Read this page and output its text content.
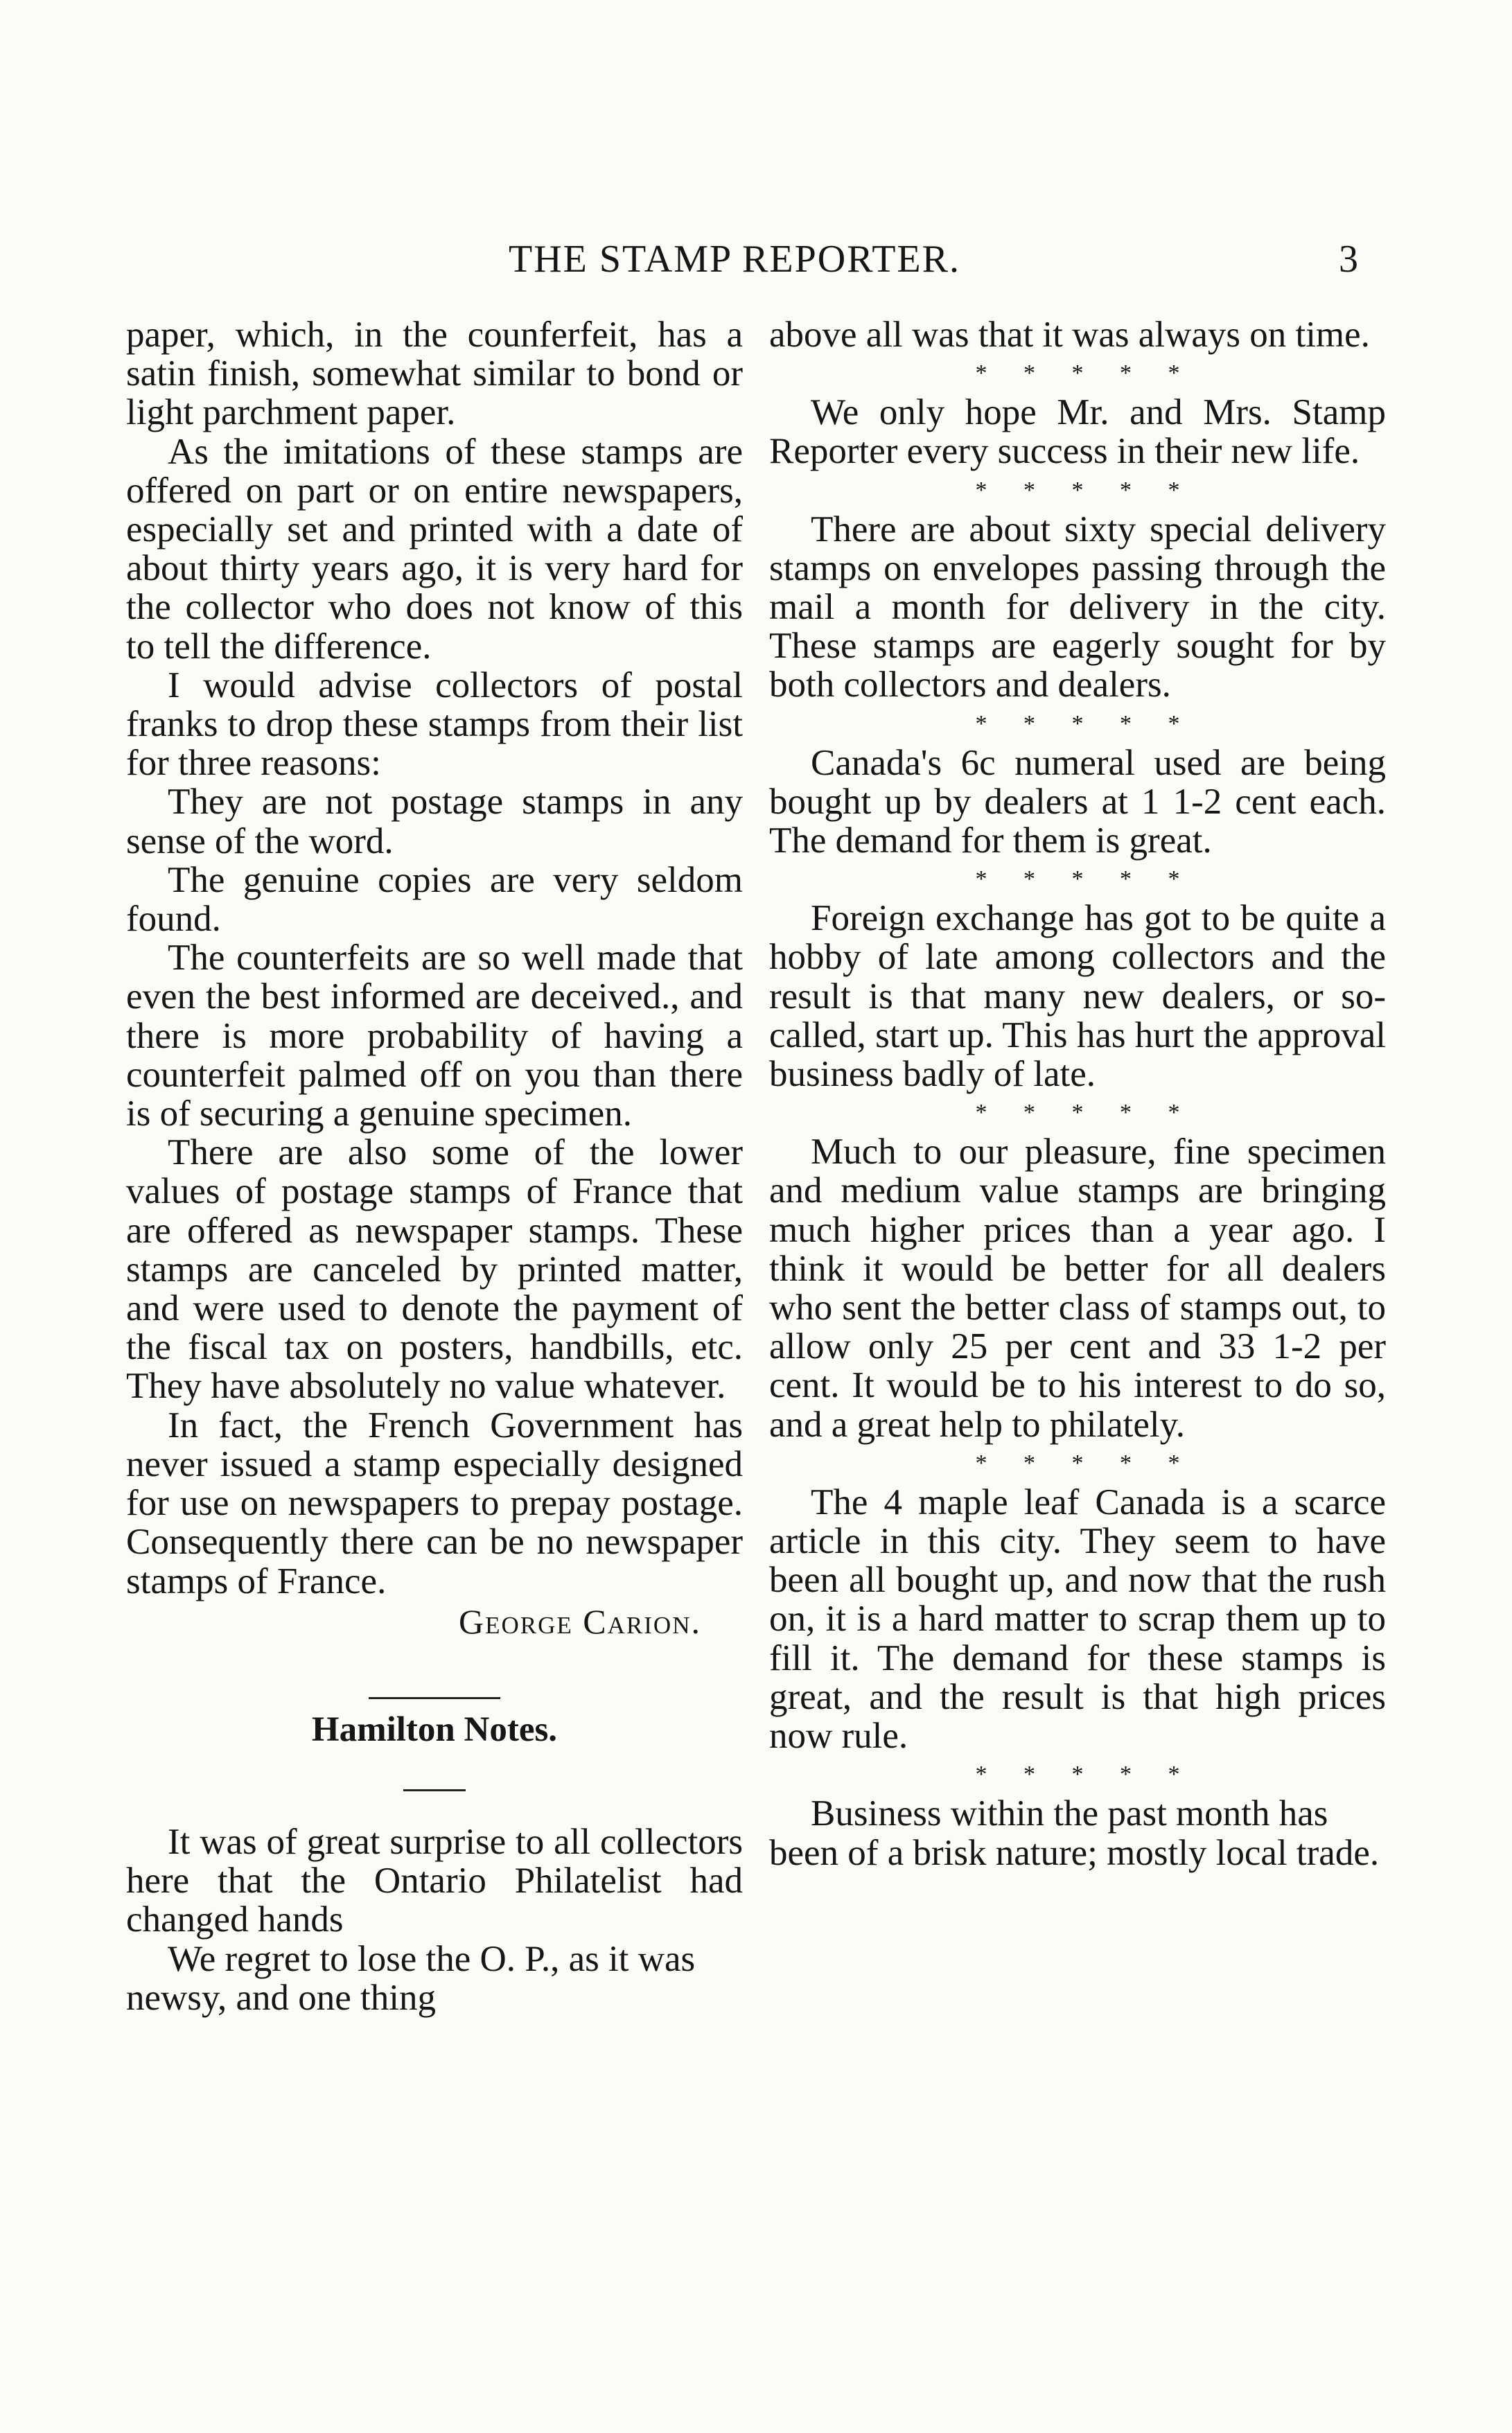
THE STAMP REPORTER.	3

paper, which, in the counferfeit, has a satin finish, somewhat similar to bond or light parchment paper.

As the imitations of these stamps are offered on part or on entire newspapers, especially set and printed with a date of about thirty years ago, it is very hard for the collector who does not know of this to tell the difference.

I would advise collectors of postal franks to drop these stamps from their list for three reasons:

They are not postage stamps in any sense of the word.

The genuine copies are very seldom found.

The counterfeits are so well made that even the best informed are deceived., and there is more probability of having a counterfeit palmed off on you than there is of securing a genuine specimen.

There are also some of the lower values of postage stamps of France that are offered as newspaper stamps. These stamps are canceled by printed matter, and were used to denote the payment of the fiscal tax on posters, handbills, etc. They have absolutely no value whatever.

In fact, the French Government has never issued a stamp especially designed for use on newspapers to prepay postage. Consequently there can be no newspaper stamps of France.

George Carion.
Hamilton Notes.

It was of great surprise to all collectors here that the Ontario Philatelist had changed hands

We regret to lose the O. P., as it was newsy, and one thing

above all was that it was always on time.

* * * * *

We only hope Mr. and Mrs. Stamp Reporter every success in their new life.

* * * * *

There are about sixty special delivery stamps on envelopes passing through the mail a month for delivery in the city. These stamps are eagerly sought for by both collectors and dealers.

* * * * *

Canada's 6c numeral used are being bought up by dealers at 1 1-2 cent each. The demand for them is great.

* * * * *

Foreign exchange has got to be quite a hobby of late among collectors and the result is that many new dealers, or so-called, start up. This has hurt the approval business badly of late.

* * * * *

Much to our pleasure, fine specimen and medium value stamps are bringing much higher prices than a year ago. I think it would be better for all dealers who sent the better class of stamps out, to allow only 25 per cent and 33 1-2 per cent. It would be to his interest to do so, and a great help to philately.

* * * * *

The 4 maple leaf Canada is a scarce article in this city. They seem to have been all bought up, and now that the rush on, it is a hard matter to scrap them up to fill it. The demand for these stamps is great, and the result is that high prices now rule.

* * * * *

Business within the past month has been of a brisk nature; mostly local trade.
